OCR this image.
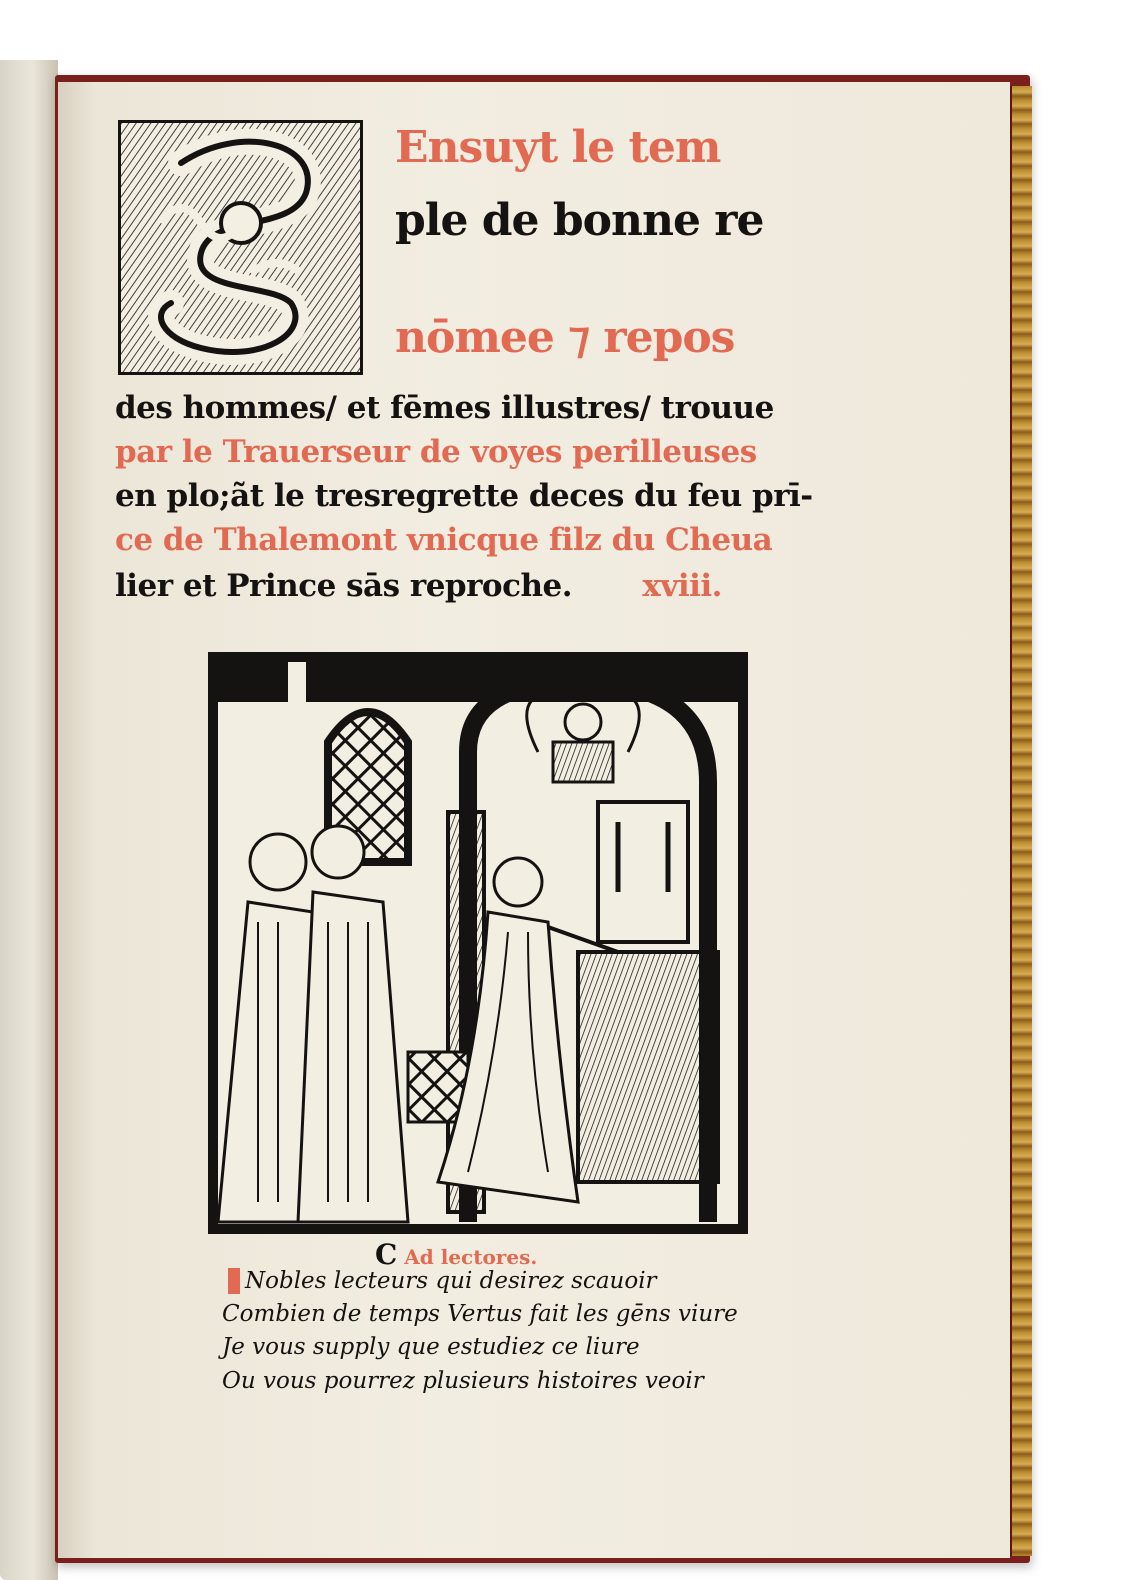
Ensuyt le tem
ple de bonne re
nōmee ⁊ repos
des hommes/ et fēmes illustres/ trouue
par le Trauerseur de voyes perilleuses
en plo;ãt le tresregrette deces du feu prī-
ce de Thalemont vnicque filz du Cheua
lier et Prince sās reproche. xviii.
C Ad lectores.
Nobles lecteurs qui desirez scauoir
Combien de temps Vertus fait les gēns viure
Je vous supply que estudiez ce liure
Ou vous pourrez plusieurs histoires veoir
